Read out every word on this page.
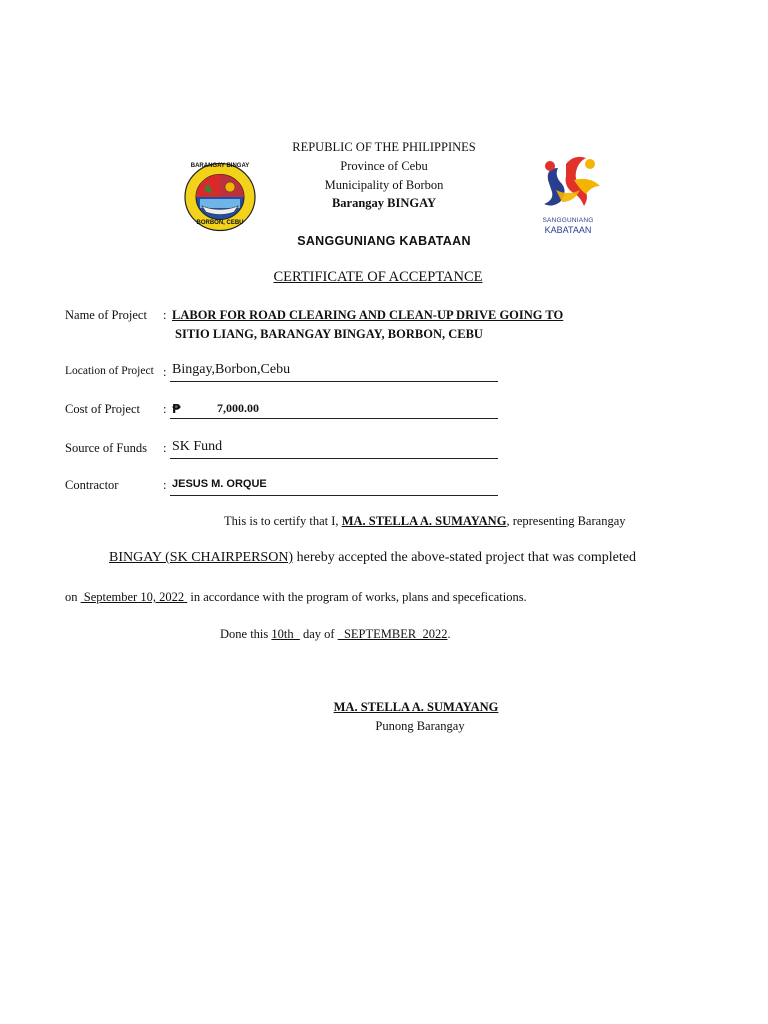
REPUBLIC OF THE PHILIPPINES
Province of Cebu
Municipality of Borbon
Barangay BINGAY
SANGGUNIANG KABATAAN
BARANGAY BINGAY
BORBON, CEBU	SANGGUNIANG
KABATAAN
CERTIFICATE OF ACCEPTANCE
Name of Project : LABOR FOR ROAD CLEARING AND CLEAN-UP DRIVE GOING TO
SITIO LIANG, BARANGAY BINGAY, BORBON, CEBU
Location of Project : Bingay,Borbon,Cebu
Cost of Project : ₱	7,000.00
Source of Funds : SK Fund
Contractor	: JESUS M. ORQUE
This is to certify that I, MA. STELLA A. SUMAYANG, representing Barangay
BINGAY (SK CHAIRPERSON) hereby accepted the above-stated project that was completed
on  September 10, 2022  in accordance with the program of works, plans and specefications.
Done this 10th   day of   SEPTEMBER  2022.
MA. STELLA A. SUMAYANG
Punong Barangay
